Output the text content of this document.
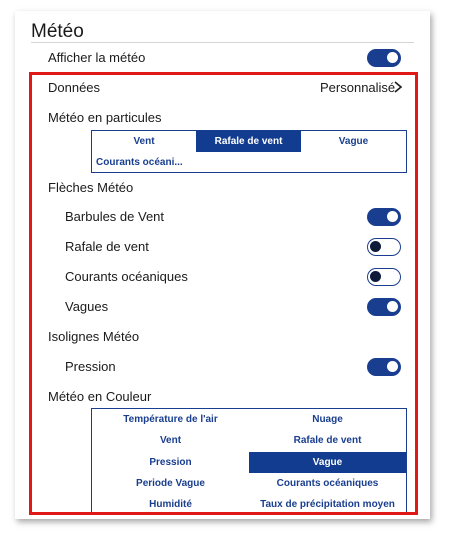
Météo
Afficher la météo
Données	Personnalisé
Météo en particules
Vent	Rafale de vent	Vague
Courants océani...
Flèches Météo
Barbules de Vent
Rafale de vent
Courants océaniques
Vagues
Isolignes Météo
Pression
Météo en Couleur
Température de l'air	Nuage
Vent	Rafale de vent
Pression	Vague
Periode Vague	Courants océaniques
Humidité	Taux de précipitation moyen
